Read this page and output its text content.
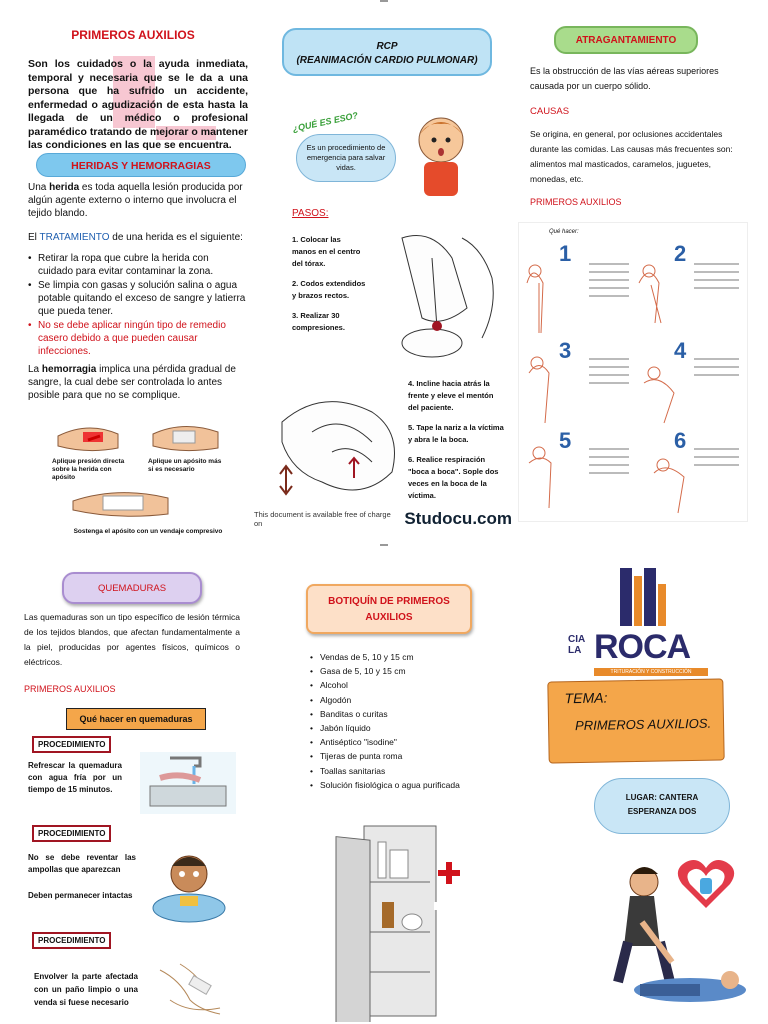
PRIMEROS AUXILIOS
Son los cuidados o la ayuda inmediata, temporal y necesaria que se le da a una persona que ha sufrido un accidente, enfermedad o agudización de esta hasta la llegada de un médico o profesional paramédico tratando de mejorar o mantener las condiciones en las que se encuentra.
HERIDAS Y HEMORRAGIAS
Una herida es toda aquella lesión producida por algún agente externo o interno que involucra el tejido blando.
El TRATAMIENTO de una herida es el siguiente:
• Retirar la ropa que cubre la herida con cuidado para evitar contaminar la zona.
• Se limpia con gasas y solución salina o agua potable quitando el exceso de sangre y latierra que pueda tener.
• No se debe aplicar ningún tipo de remedio casero debido a que pueden causar infecciones.
La hemorragia implica una pérdida gradual de sangre, la cual debe ser controlada lo antes posible para que no se complique.
Aplique presión directa sobre la herida con apósito
Aplique un apósito más si es necesario
Sostenga el apósito con un vendaje compresivo
RCP
(REANIMACIÓN CARDIO PULMONAR)
¿QUÉ ES ESO?
Es un procedimiento de emergencia para salvar vidas.
PASOS:
1. Colocar las manos en el centro del tórax.
2. Codos extendidos y brazos rectos.
3. Realizar 30 compresiones.
4. Incline hacia atrás la frente y eleve el mentón del paciente.
5. Tape la nariz a la víctima y abra le la boca.
6. Realice respiración "boca a boca". Sople dos veces en la boca de la víctima.
This document is available free of charge on	Studocu.com
ATRAGANTAMIENTO
Es la obstrucción de las vías aéreas superiores causada por un cuerpo sólido.
CAUSAS
Se origina, en general, por oclusiones accidentales durante las comidas. Las causas más frecuentes son: alimentos mal masticados, caramelos, juguetes, monedas, etc.
PRIMEROS AUXILIOS
Qué hacer:
1	2
3	4
5	6
QUEMADURAS
Las quemaduras son un tipo específico de lesión térmica de los tejidos blandos, que afectan fundamentalmente a la piel, producidas por agentes físicos, químicos o eléctricos.
PRIMEROS AUXILIOS
Qué hacer en quemaduras
PROCEDIMIENTO
Refrescar la quemadura con agua fría por un tiempo de 15 minutos.
PROCEDIMIENTO
No se debe reventar las ampollas que aparezcan
Deben permanecer intactas
PROCEDIMIENTO
Envolver la parte afectada con un paño limpio o una venda si fuese necesario
BOTIQUÍN DE PRIMEROS AUXILIOS
• Vendas de 5, 10 y 15 cm
• Gasa de 5, 10 y 15 cm
• Alcohol
• Algodón
• Banditas o curitas
• Jabón líquido
• Antiséptico "isodine"
• Tijeras de punta roma
• Toallas sanitarias
• Solución fisiológica o agua purificada
CIA
LA ROCA
TRITURACIÓN Y CONSTRUCCIÓN
TEMA:
PRIMEROS AUXILIOS.
LUGAR: CANTERA ESPERANZA DOS
